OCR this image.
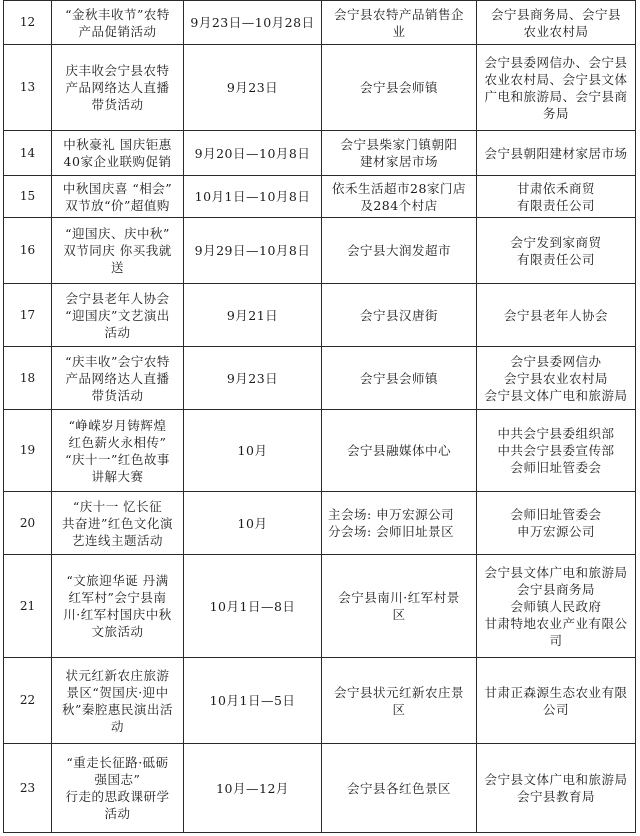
12	“金秋丰收节”农特
产品促销活动	9月23日—10月28日	会宁县农特产品销售企
业	会宁县商务局、会宁县
农业农村局
13	庆丰收会宁县农特
产品网络达人直播
带货活动	9月23日	会宁县会师镇	会宁县委网信办、会宁县
农业农村局、会宁县文体
广电和旅游局、会宁县商
务局
14	中秋豪礼 国庆钜惠
40家企业联购促销	9月20日—10月8日	会宁县柴家门镇朝阳
建材家居市场	会宁县朝阳建材家居市场
15	中秋国庆喜 “相会”
双节放“价”超值购	10月1日—10月8日	依禾生活超市28家门店
及284个村店	甘肃依禾商贸
有限责任公司
16	“迎国庆、庆中秋”
双节同庆 你买我就
送	9月29日—10月8日	会宁县大润发超市	会宁发到家商贸
有限责任公司
17	会宁县老年人协会
“迎国庆”文艺演出
活动	9月21日	会宁县汉唐街	会宁县老年人协会
18	“庆丰收”会宁农特
产品网络达人直播
带货活动	9月23日	会宁县会师镇	会宁县委网信办
会宁县农业农村局
会宁县文体广电和旅游局
19	“峥嵘岁月铸辉煌
红色薪火永相传”
“庆十一”红色故事
讲解大赛	10月	会宁县融媒体中心	中共会宁县委组织部
中共会宁县委宣传部
会师旧址管委会
20	“庆十一 忆长征
共奋进”红色文化演
艺连线主题活动	10月	主会场: 申万宏源公司
分会场: 会师旧址景区	会师旧址管委会
申万宏源公司
21	“文旅迎华诞 丹满
红军村”会宁县南
川·红军村国庆中秋
文旅活动	10月1日—8日	会宁县南川·红军村景
区	会宁县文体广电和旅游局
会宁县商务局
会师镇人民政府
甘肃特地农业产业有限公司
22	状元红新农庄旅游
景区“贺国庆·迎中
秋”秦腔惠民演出活
动	10月1日—5日	会宁县状元红新农庄景
区	甘肃正森源生态农业有限
公司
23	“重走长征路·砥砺
强国志”
行走的思政课研学
活动	10月—12月	会宁县各红色景区	会宁县文体广电和旅游局
会宁县教育局
